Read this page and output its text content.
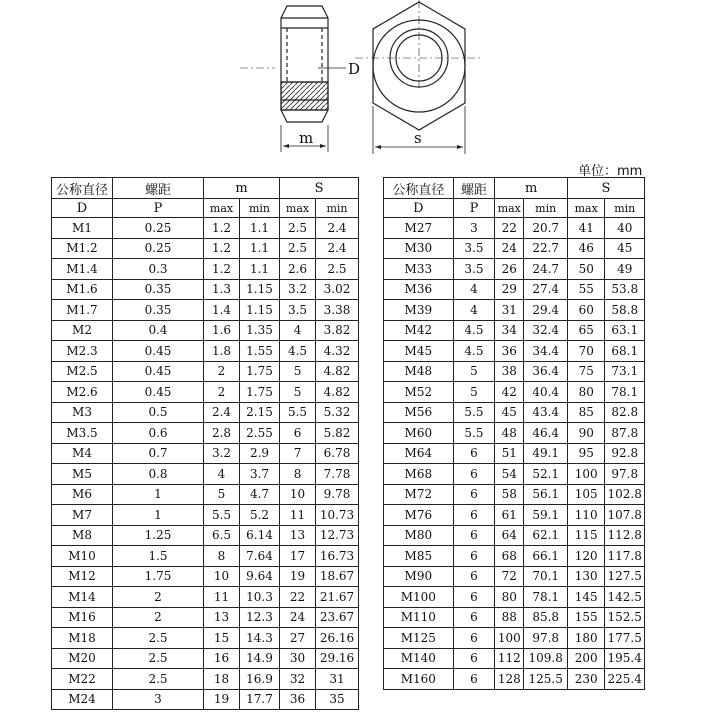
D
m	s
单位：mm
公称直径	螺距	m		S	
D	P				
		max	min	max	min
M1	0.25	1.2	1.1	2.5	2.4
M1.2	0.25	1.2	1.1	2.5	2.4
M1.4	0.3	1.2	1.1	2.6	2.5
M1.6	0.35	1.3	1.15	3.2	3.02
M1.7	0.35	1.4	1.15	3.5	3.38
M2	0.4	1.6	1.35	4	3.82
M2.3	0.45	1.8	1.55	4.5	4.32
M2.5	0.45	2	1.75	5	4.82
M2.6	0.45	2	1.75	5	4.82
M3	0.5	2.4	2.15	5.5	5.32
M3.5	0.6	2.8	2.55	6	5.82
M4	0.7	3.2	2.9	7	6.78
M5	0.8	4	3.7	8	7.78
M6	1	5	4.7	10	9.78
M7	1	5.5	5.2	11	10.73
M8	1.25	6.5	6.14	13	12.73
M10	1.5	8	7.64	17	16.73
M12	1.75	10	9.64	19	18.67
M14	2	11	10.3	22	21.67
M16	2	13	12.3	24	23.67
M18	2.5	15	14.3	27	26.16
M20	2.5	16	14.9	30	29.16
M22	2.5	18	16.9	32	31
M24	3	19	17.7	36	35
公称直径	螺距	m		S	
D	P				
		max	min	max	min
M27	3	22	20.7	41	40
M30	3.5	24	22.7	46	45
M33	3.5	26	24.7	50	49
M36	4	29	27.4	55	53.8
M39	4	31	29.4	60	58.8
M42	4.5	34	32.4	65	63.1
M45	4.5	36	34.4	70	68.1
M48	5	38	36.4	75	73.1
M52	5	42	40.4	80	78.1
M56	5.5	45	43.4	85	82.8
M60	5.5	48	46.4	90	87.8
M64	6	51	49.1	95	92.8
M68	6	54	52.1	100	97.8
M72	6	58	56.1	105	102.8
M76	6	61	59.1	110	107.8
M80	6	64	62.1	115	112.8
M85	6	68	66.1	120	117.8
M90	6	72	70.1	130	127.5
M100	6	80	78.1	145	142.5
M110	6	88	85.8	155	152.5
M125	6	100	97.8	180	177.5
M140	6	112	109.8	200	195.4
M160	6	128	125.5	230	225.4
